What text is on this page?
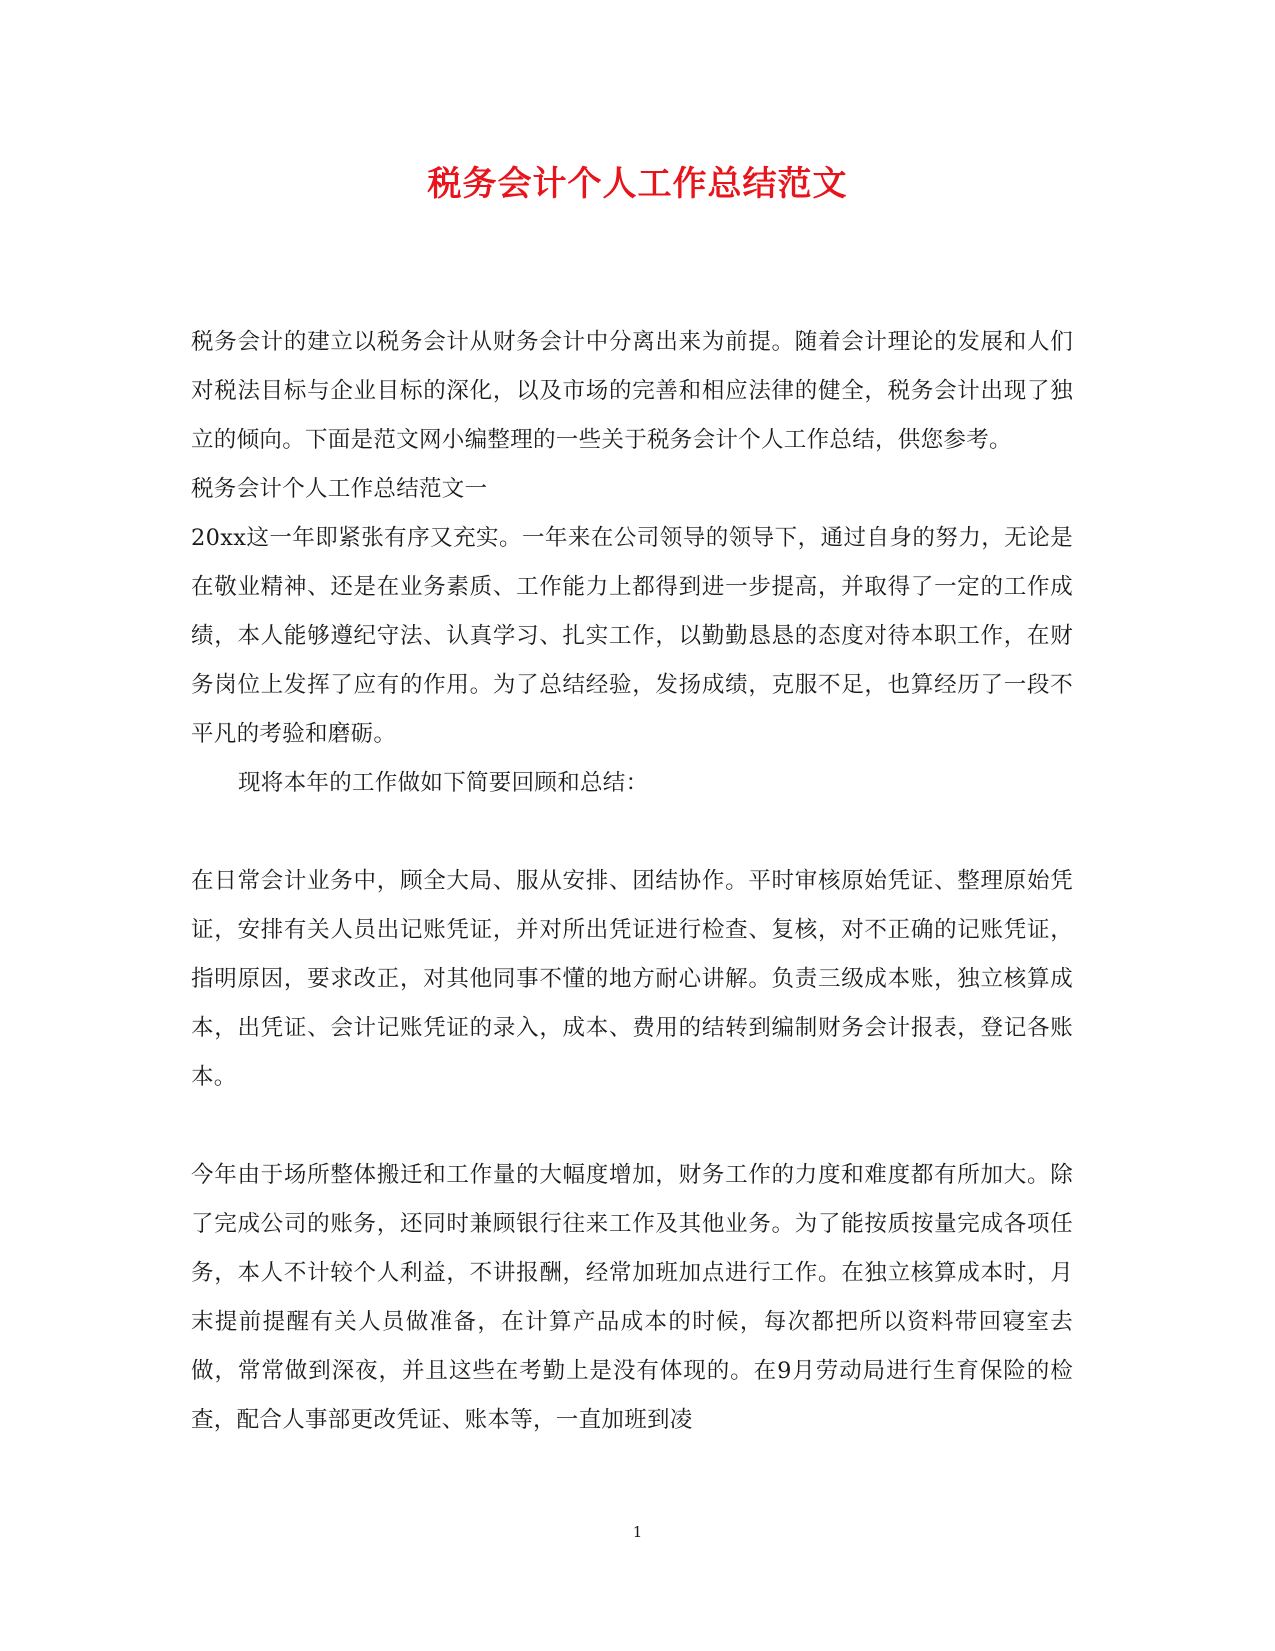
税务会计个人工作总结范文

税务会计的建立以税务会计从财务会计中分离出来为前提。随着会计理论的发展和人们对税法目标与企业目标的深化，以及市场的完善和相应法律的健全，税务会计出现了独立的倾向。下面是范文网小编整理的一些关于税务会计个人工作总结，供您参考。

税务会计个人工作总结范文一

20xx这一年即紧张有序又充实。一年来在公司领导的领导下，通过自身的努力，无论是在敬业精神、还是在业务素质、工作能力上都得到进一步提高，并取得了一定的工作成绩，本人能够遵纪守法、认真学习、扎实工作，以勤勤恳恳的态度对待本职工作，在财务岗位上发挥了应有的作用。为了总结经验，发扬成绩，克服不足，也算经历了一段不平凡的考验和磨砺。

现将本年的工作做如下简要回顾和总结：

在日常会计业务中，顾全大局、服从安排、团结协作。平时审核原始凭证、整理原始凭证，安排有关人员出记账凭证，并对所出凭证进行检查、复核，对不正确的记账凭证，指明原因，要求改正，对其他同事不懂的地方耐心讲解。负责三级成本账，独立核算成本，出凭证、会计记账凭证的录入，成本、费用的结转到编制财务会计报表，登记各账本。

今年由于场所整体搬迁和工作量的大幅度增加，财务工作的力度和难度都有所加大。除了完成公司的账务，还同时兼顾银行往来工作及其他业务。为了能按质按量完成各项任务，本人不计较个人利益，不讲报酬，经常加班加点进行工作。在独立核算成本时，月末提前提醒有关人员做准备，在计算产品成本的时候，每次都把所以资料带回寝室去做，常常做到深夜，并且这些在考勤上是没有体现的。在9月劳动局进行生育保险的检查，配合人事部更改凭证、账本等，一直加班到凌

1
